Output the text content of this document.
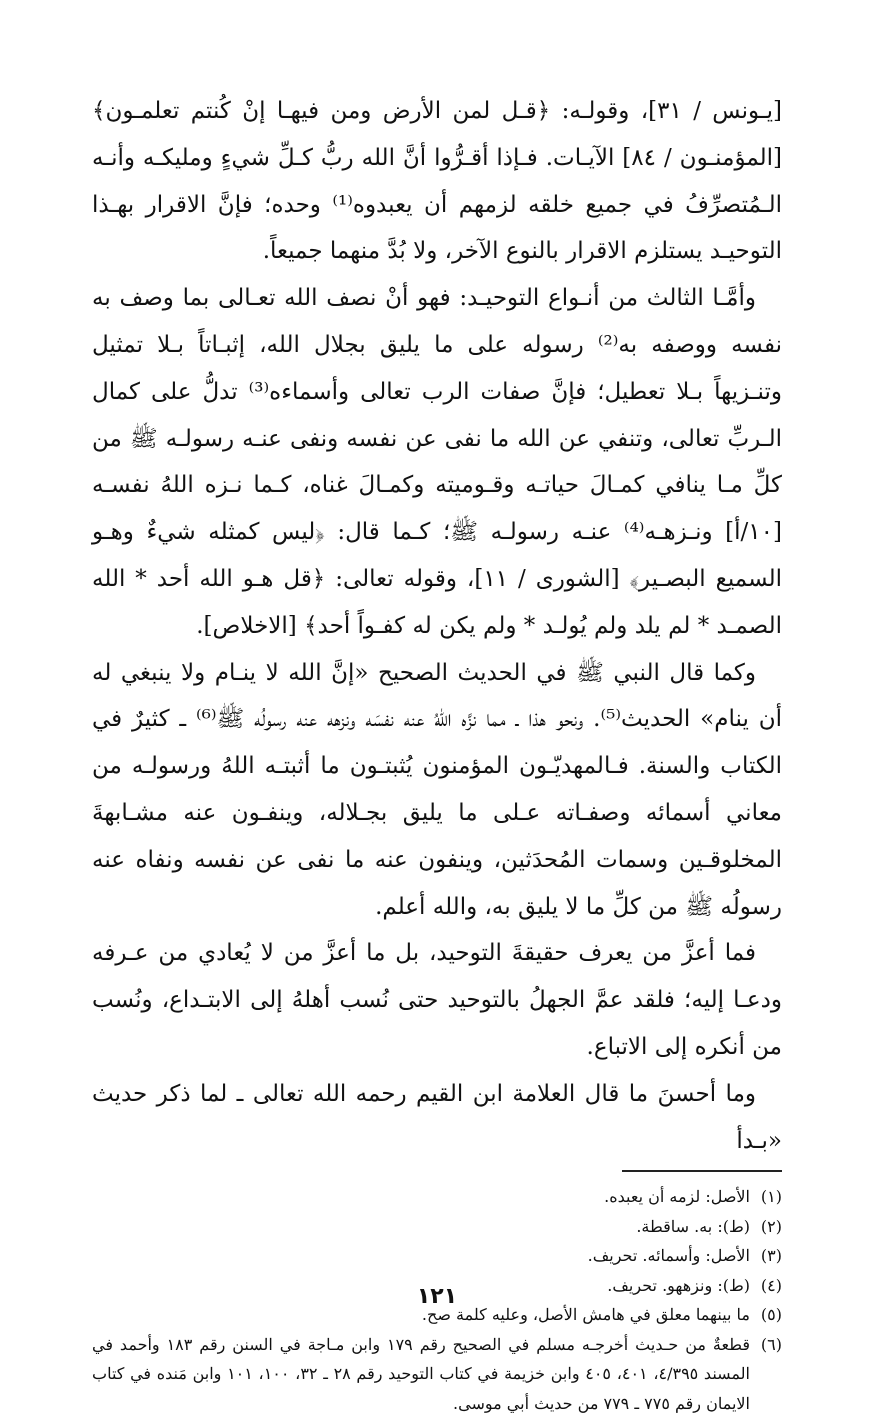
[يـونس / ٣١]، وقولـه: ﴿قـل لمن الأرض ومن فيهـا إنْ كُنتم تعلمـون﴾ [المؤمنـون / ٨٤] الآيـات. فـإذا أقـرُّوا أنَّ الله ربُّ كـلِّ شيءٍ ومليكـه وأنـه الـمُتصرِّفُ في جميع خلقه لزمهم أن يعبدوه⁽¹⁾ وحده؛ فإنَّ الاقرار بهـذا التوحيـد يستلزم الاقرار بالنوع الآخر، ولا بُدَّ منهما جميعاً.

وأمَّـا الثالث من أنـواع التوحيـد: فهو أنْ نصف الله تعـالى بما وصف به نفسه ووصفه به⁽²⁾ رسوله على ما يليق بجلال الله، إثبـاتاً بـلا تمثيل وتنـزيهاً بـلا تعطيل؛ فإنَّ صفات الرب تعالى وأسماءه⁽³⁾ تدلُّ على كمال الـربِّ تعالى، وتنفي عن الله ما نفى عن نفسه ونفى عنـه رسولـه ﷺ من كلِّ مـا ينافي كمـالَ حياتـه وقـوميته وكمـالَ غناه، كـما نـزه اللهُ نفسـه [١٠/أ] ونـزهـه⁽⁴⁾ عنـه رسولـه ﷺ؛ كـما قال: ﴿ليس كمثله شيءٌ وهـو السميع البصـير﴾ [الشورى / ١١]، وقوله تعالى: ﴿قل هـو الله أحد * الله الصمـد * لم يلد ولم يُولـد * ولم يكن له كفـواً أحد﴾ [الاخلاص].

وكما قال النبي ﷺ في الحديث الصحيح «إنَّ الله لا ينـام ولا ينبغي له أن ينام» الحديث⁽⁵⁾. ونحو هذا ـ مما نزَّه اللهُ عنه نفسَه ونزهه عنه رسولُه ﷺ⁽⁶⁾ ـ كثيرٌ في الكتاب والسنة. فـالمهديّـون المؤمنون يُثبتـون ما أثبتـه اللهُ ورسولـه من معاني أسمائه وصفـاته عـلى ما يليق بجـلاله، وينفـون عنه مشـابهةَ المخلوقـين وسمات المُحدَثين، وينفون عنه ما نفى عن نفسه ونفاه عنه رسولُه ﷺ من كلِّ ما لا يليق به، والله أعلم.

فما أعزَّ من يعرف حقيقةَ التوحيد، بل ما أعزَّ من لا يُعادي من عـرفه ودعـا إليه؛ فلقد عمَّ الجهلُ بالتوحيد حتى نُسب أهلهُ إلى الابتـداع، ونُسب من أنكره إلى الاتباع.

وما أحسنَ ما قال العلامة ابن القيم رحمه الله تعالى ـ لما ذكر حديث «بـدأ

(١)
الأصل: لزمه أن يعبده.
(٢)
(ط): به. ساقطة.
(٣)
الأصل: وأسمائه. تحريف.
(٤)
(ط): ونزههو. تحريف.
(٥)
ما بينهما معلق في هامش الأصل، وعليه كلمة صح.
(٦)
قطعةٌ من حـديث أخرجـه مسلم في الصحيح رقم ١٧٩ وابن مـاجة في السنن رقم ١٨٣ وأحمد في المسند ٤/٣٩٥، ٤٠١، ٤٠٥ وابن خزيمة في كتاب التوحيد رقم ٢٨ ـ ٣٢، ١٠٠، ١٠١ وابن مَنده في كتاب الايمان رقم ٧٧٥ ـ ٧٧٩ من حديث أبي موسى.
١٢١
